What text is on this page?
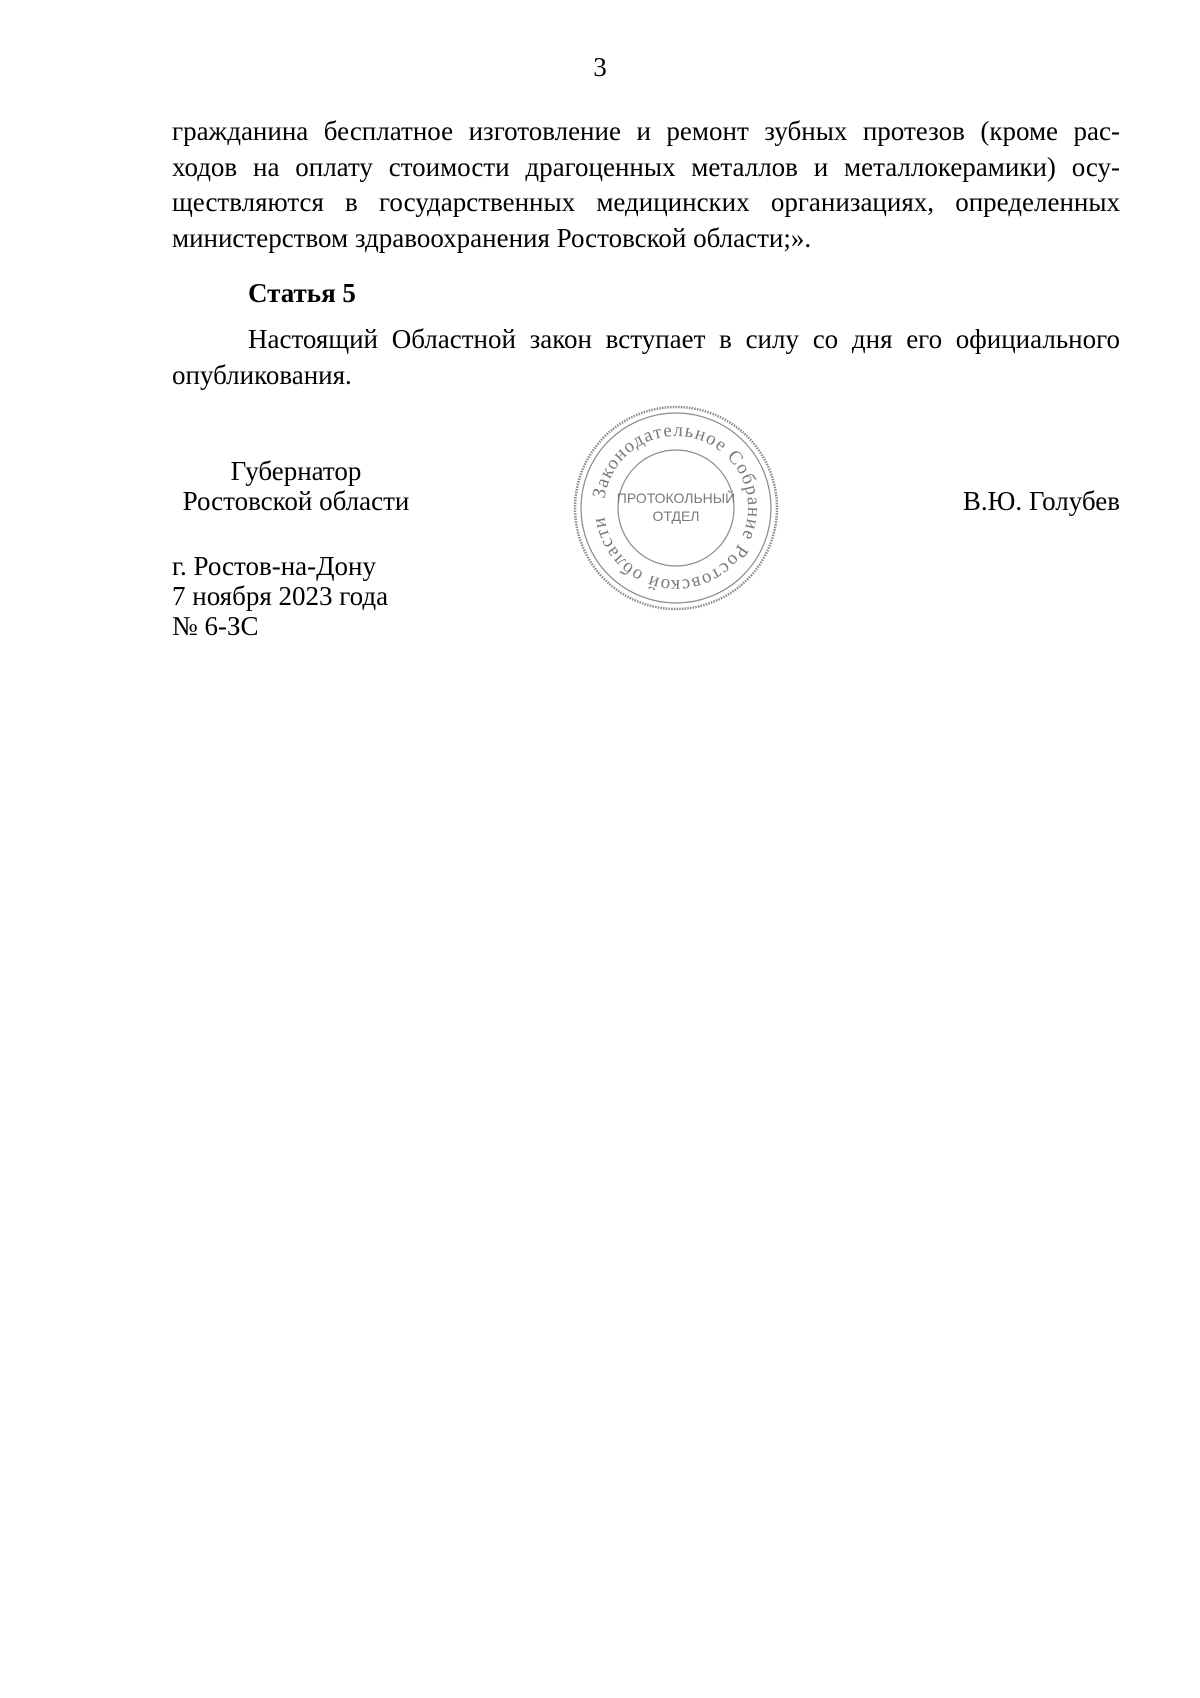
3
гражданина бесплатное изготовление и ремонт зубных протезов (кроме рас-
ходов на оплату стоимости драгоценных металлов и металлокерамики) осу-
ществляются в государственных медицинских организациях, определенных
министерством здравоохранения Ростовской области;».
Статья 5
Настоящий Областной закон вступает в силу со дня его официального
опубликования.
Губернатор
Ростовской области	Законодательное Собрание Ростовской области
ПРОТОКОЛЬНЫЙ
ОТДЕЛ	В.Ю. Голубев
г. Ростов-на-Дону
7 ноября 2023 года
№ 6-ЗС
